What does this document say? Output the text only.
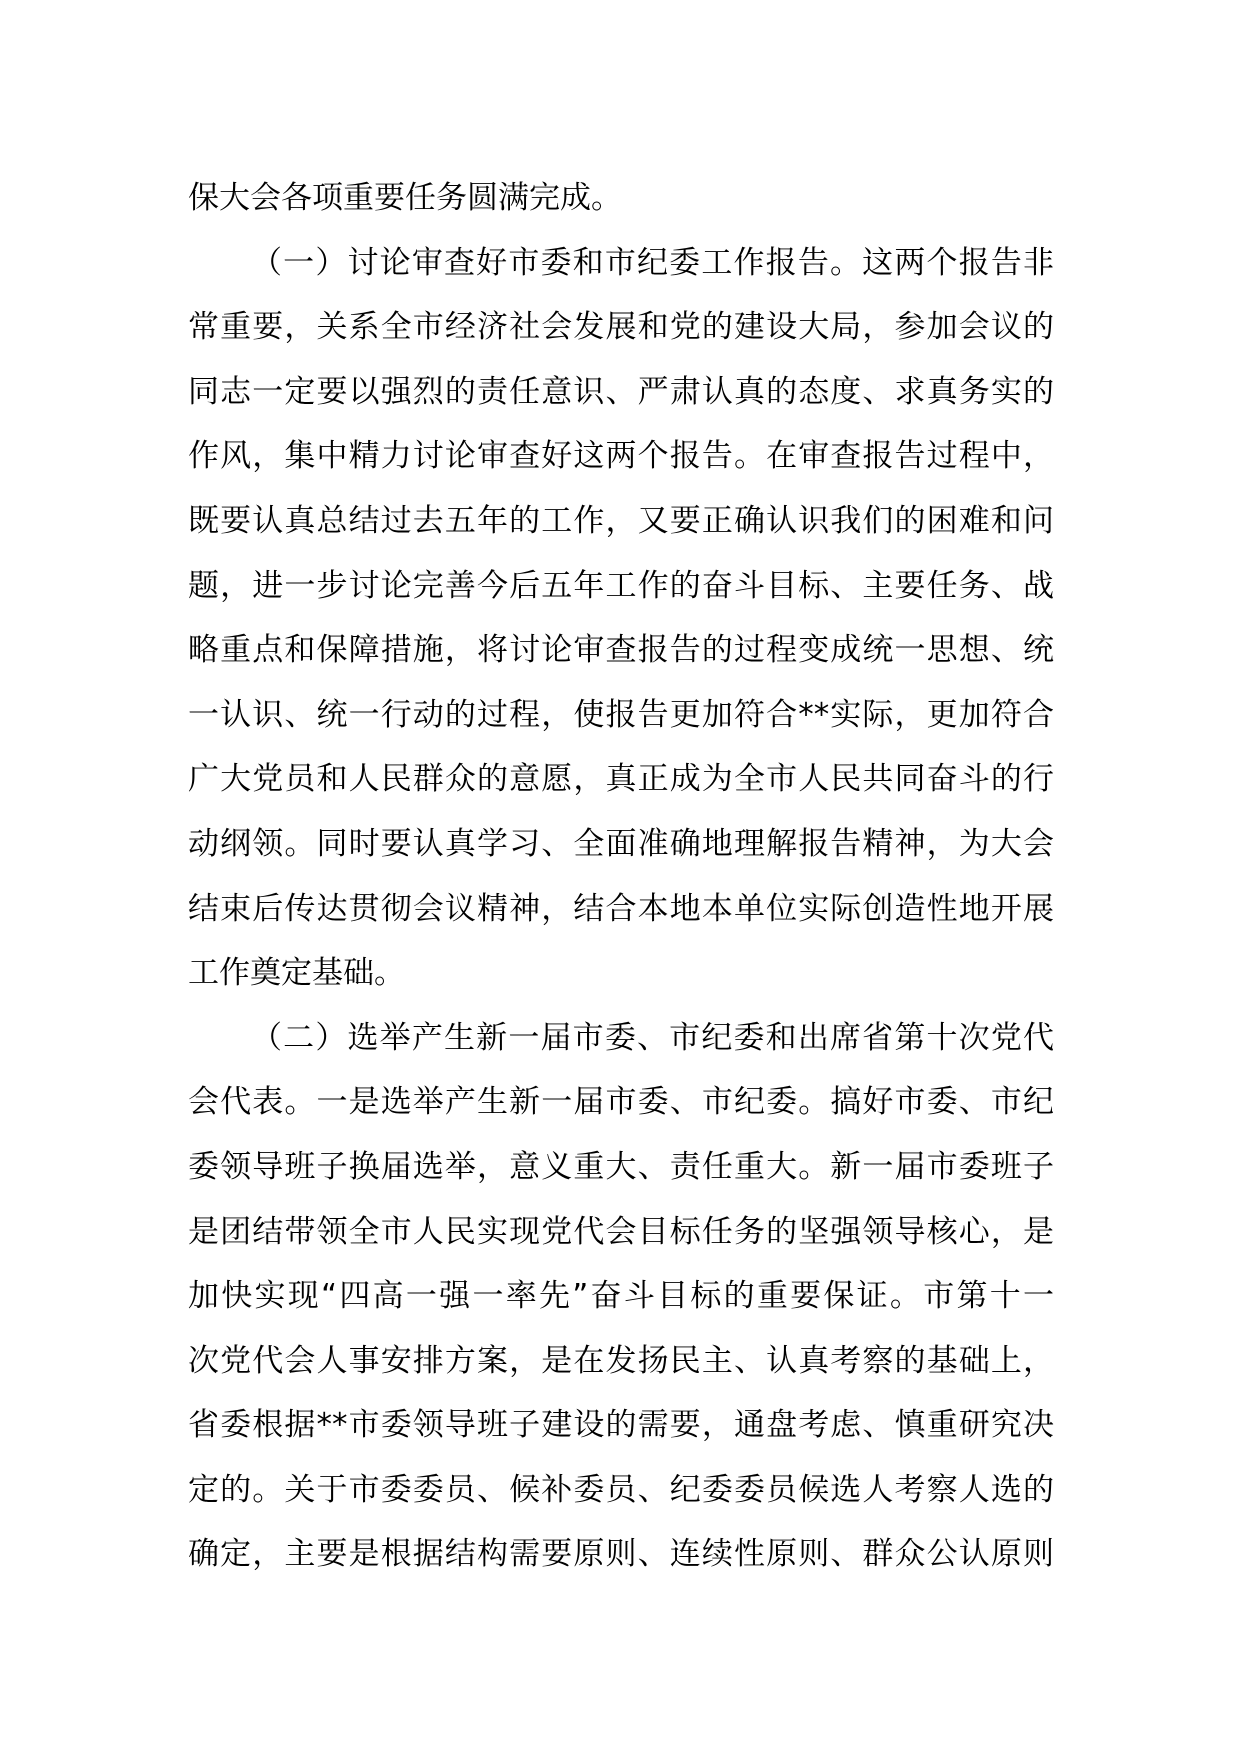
保大会各项重要任务圆满完成。
（一）讨论审查好市委和市纪委工作报告。这两个报告非
常重要，关系全市经济社会发展和党的建设大局，参加会议的
同志一定要以强烈的责任意识、严肃认真的态度、求真务实的
作风，集中精力讨论审查好这两个报告。在审查报告过程中，
既要认真总结过去五年的工作，又要正确认识我们的困难和问
题，进一步讨论完善今后五年工作的奋斗目标、主要任务、战
略重点和保障措施，将讨论审查报告的过程变成统一思想、统
一认识、统一行动的过程，使报告更加符合**实际，更加符合
广大党员和人民群众的意愿，真正成为全市人民共同奋斗的行
动纲领。同时要认真学习、全面准确地理解报告精神，为大会
结束后传达贯彻会议精神，结合本地本单位实际创造性地开展
工作奠定基础。
（二）选举产生新一届市委、市纪委和出席省第十次党代
会代表。一是选举产生新一届市委、市纪委。搞好市委、市纪
委领导班子换届选举，意义重大、责任重大。新一届市委班子
是团结带领全市人民实现党代会目标任务的坚强领导核心，是
加快实现“四高一强一率先”奋斗目标的重要保证。市第十一
次党代会人事安排方案，是在发扬民主、认真考察的基础上，
省委根据**市委领导班子建设的需要，通盘考虑、慎重研究决
定的。关于市委委员、候补委员、纪委委员候选人考察人选的
确定，主要是根据结构需要原则、连续性原则、群众公认原则
